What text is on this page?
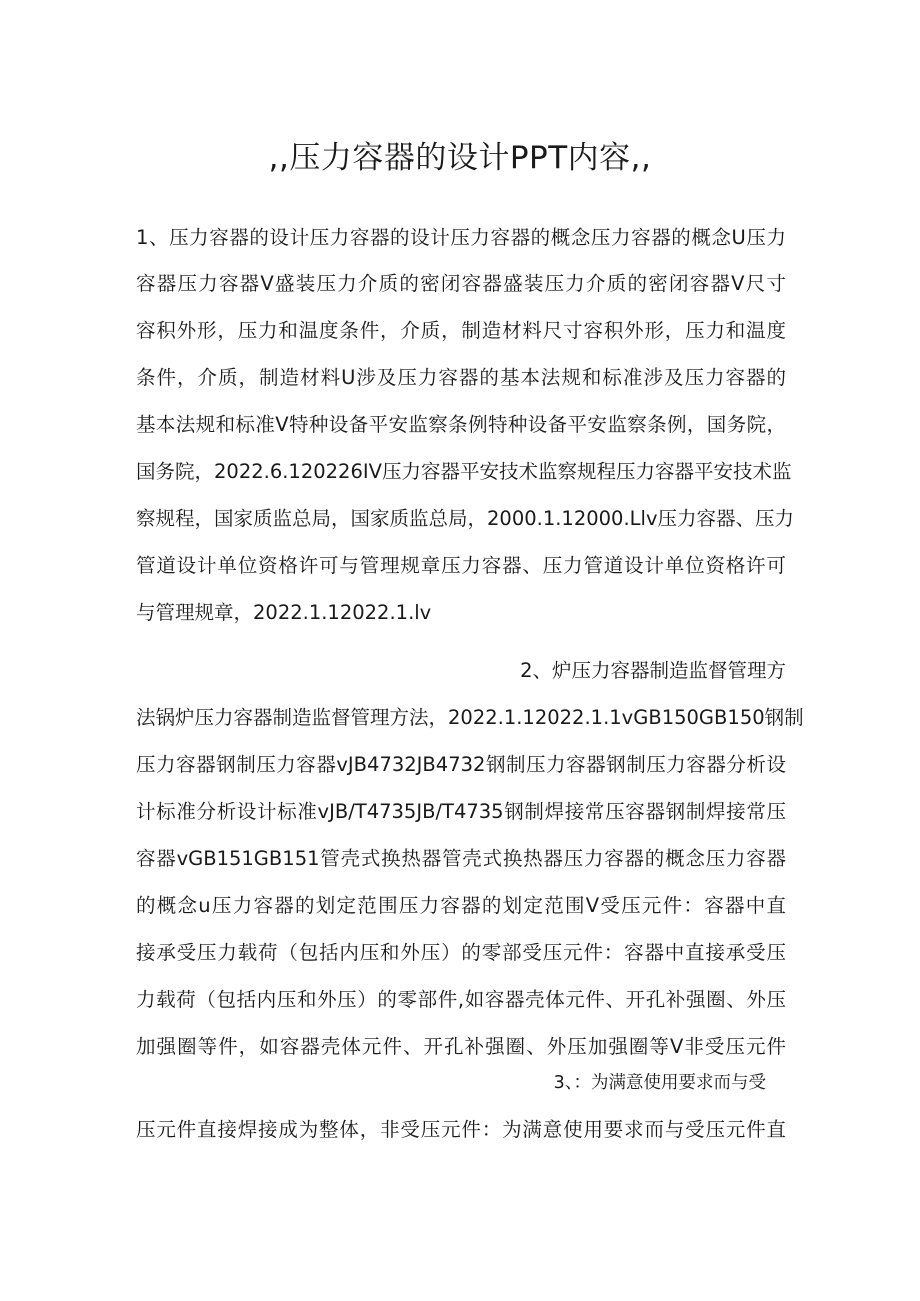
,,压力容器的设计PPT内容,,
1、压力容器的设计压力容器的设计压力容器的概念压力容器的概念U压力
容器压力容器V盛装压力介质的密闭容器盛装压力介质的密闭容器V尺寸
容积外形，压力和温度条件，介质，制造材料尺寸容积外形，压力和温度
条件，介质，制造材料U涉及压力容器的基本法规和标准涉及压力容器的
基本法规和标准V特种设备平安监察条例特种设备平安监察条例，国务院，
国务院，2022.6.120226IV压力容器平安技术监察规程压力容器平安技术监
察规程，国家质监总局，国家质监总局，2000.1.12000.Llv压力容器、压力
管道设计单位资格许可与管理规章压力容器、压力管道设计单位资格许可
与管理规章，2022.1.12022.1.lv
2、炉压力容器制造监督管理方
法锅炉压力容器制造监督管理方法，2022.1.12022.1.1vGB150GB150钢制
压力容器钢制压力容器vJB4732JB4732钢制压力容器钢制压力容器分析设
计标准分析设计标准vJB/T4735JB/T4735钢制焊接常压容器钢制焊接常压
容器vGB151GB151管壳式换热器管壳式换热器压力容器的概念压力容器
的概念u压力容器的划定范围压力容器的划定范围V受压元件：容器中直
接承受压力载荷（包括内压和外压）的零部受压元件：容器中直接承受压
力载荷（包括内压和外压）的零部件,如容器壳体元件、开孔补强圈、外压
加强圈等件，如容器壳体元件、开孔补强圈、外压加强圈等V非受压元件
3、：为满意使用要求而与受
压元件直接焊接成为整体，非受压元件：为满意使用要求而与受压元件直
